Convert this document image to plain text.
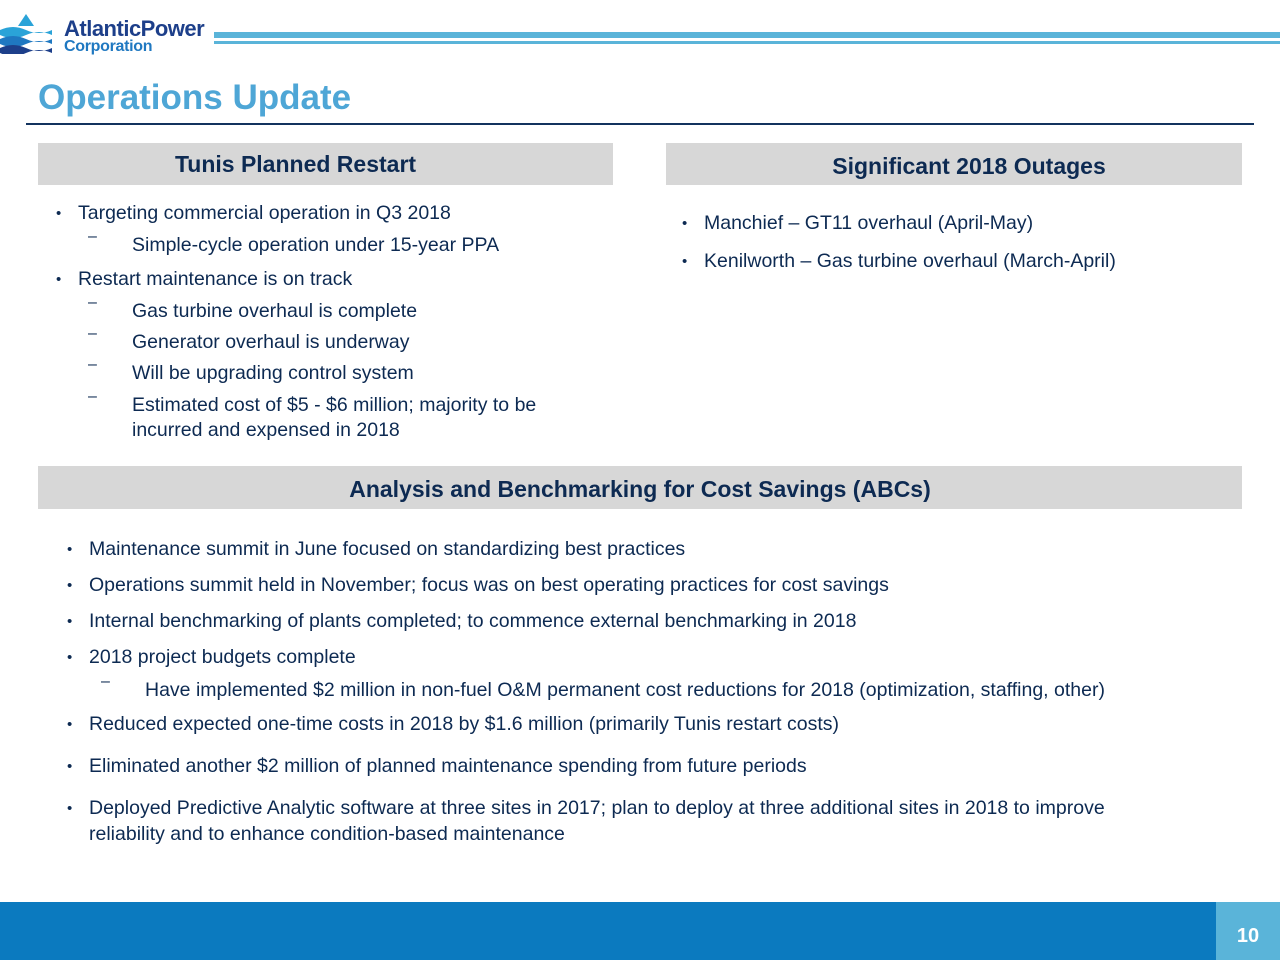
AtlanticPower
Corporation
Operations Update
Tunis Planned Restart
• Targeting commercial operation in Q3 2018
– Simple-cycle operation under 15-year PPA
• Restart maintenance is on track
– Gas turbine overhaul is complete
– Generator overhaul is underway
– Will be upgrading control system
– Estimated cost of $5 - $6 million; majority to be
incurred and expensed in 2018
Significant 2018 Outages
• Manchief – GT11 overhaul (April-May)
• Kenilworth – Gas turbine overhaul (March-April)
Analysis and Benchmarking for Cost Savings (ABCs)
• Maintenance summit in June focused on standardizing best practices
• Operations summit held in November; focus was on best operating practices for cost savings
• Internal benchmarking of plants completed; to commence external benchmarking in 2018
• 2018 project budgets complete
– Have implemented $2 million in non-fuel O&M permanent cost reductions for 2018 (optimization, staffing, other)
• Reduced expected one-time costs in 2018 by $1.6 million (primarily Tunis restart costs)
• Eliminated another $2 million of planned maintenance spending from future periods
• Deployed Predictive Analytic software at three sites in 2017; plan to deploy at three additional sites in 2018 to improve
reliability and to enhance condition-based maintenance
10
